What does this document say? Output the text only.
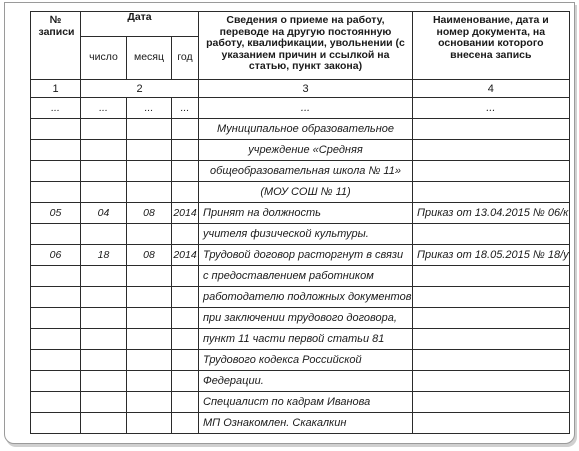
№ записи	Дата			Сведения о приеме на работу, переводе на другую постоянную работу, квалификации, увольнении (с указанием причин и ссылкой на статью, пункт закона)	Наименование, дата и номер документа, на основании которого внесена запись
	число	месяц	год		
1	2			3	4
...	...	...	...	...	...
				Муниципальное образовательное	
				учреждение «Средняя	
				общеобразовательная школа № 11»	
				(МОУ СОШ № 11)	
05	04	08	2014	Принят на должность	Приказ от 13.04.2015 № 06/к
				учителя физической культуры.	
06	18	08	2014	Трудовой договор расторгнут в связи	Приказ от 18.05.2015 № 18/у
				с предоставлением работником	
				работодателю подложных документов	
				при заключении трудового договора,	
				пункт 11 части первой статьи 81	
				Трудового кодекса Российской	
				Федерации.	
				Специалист по кадрам Иванова	
				МП Ознакомлен. Скакалкин	
